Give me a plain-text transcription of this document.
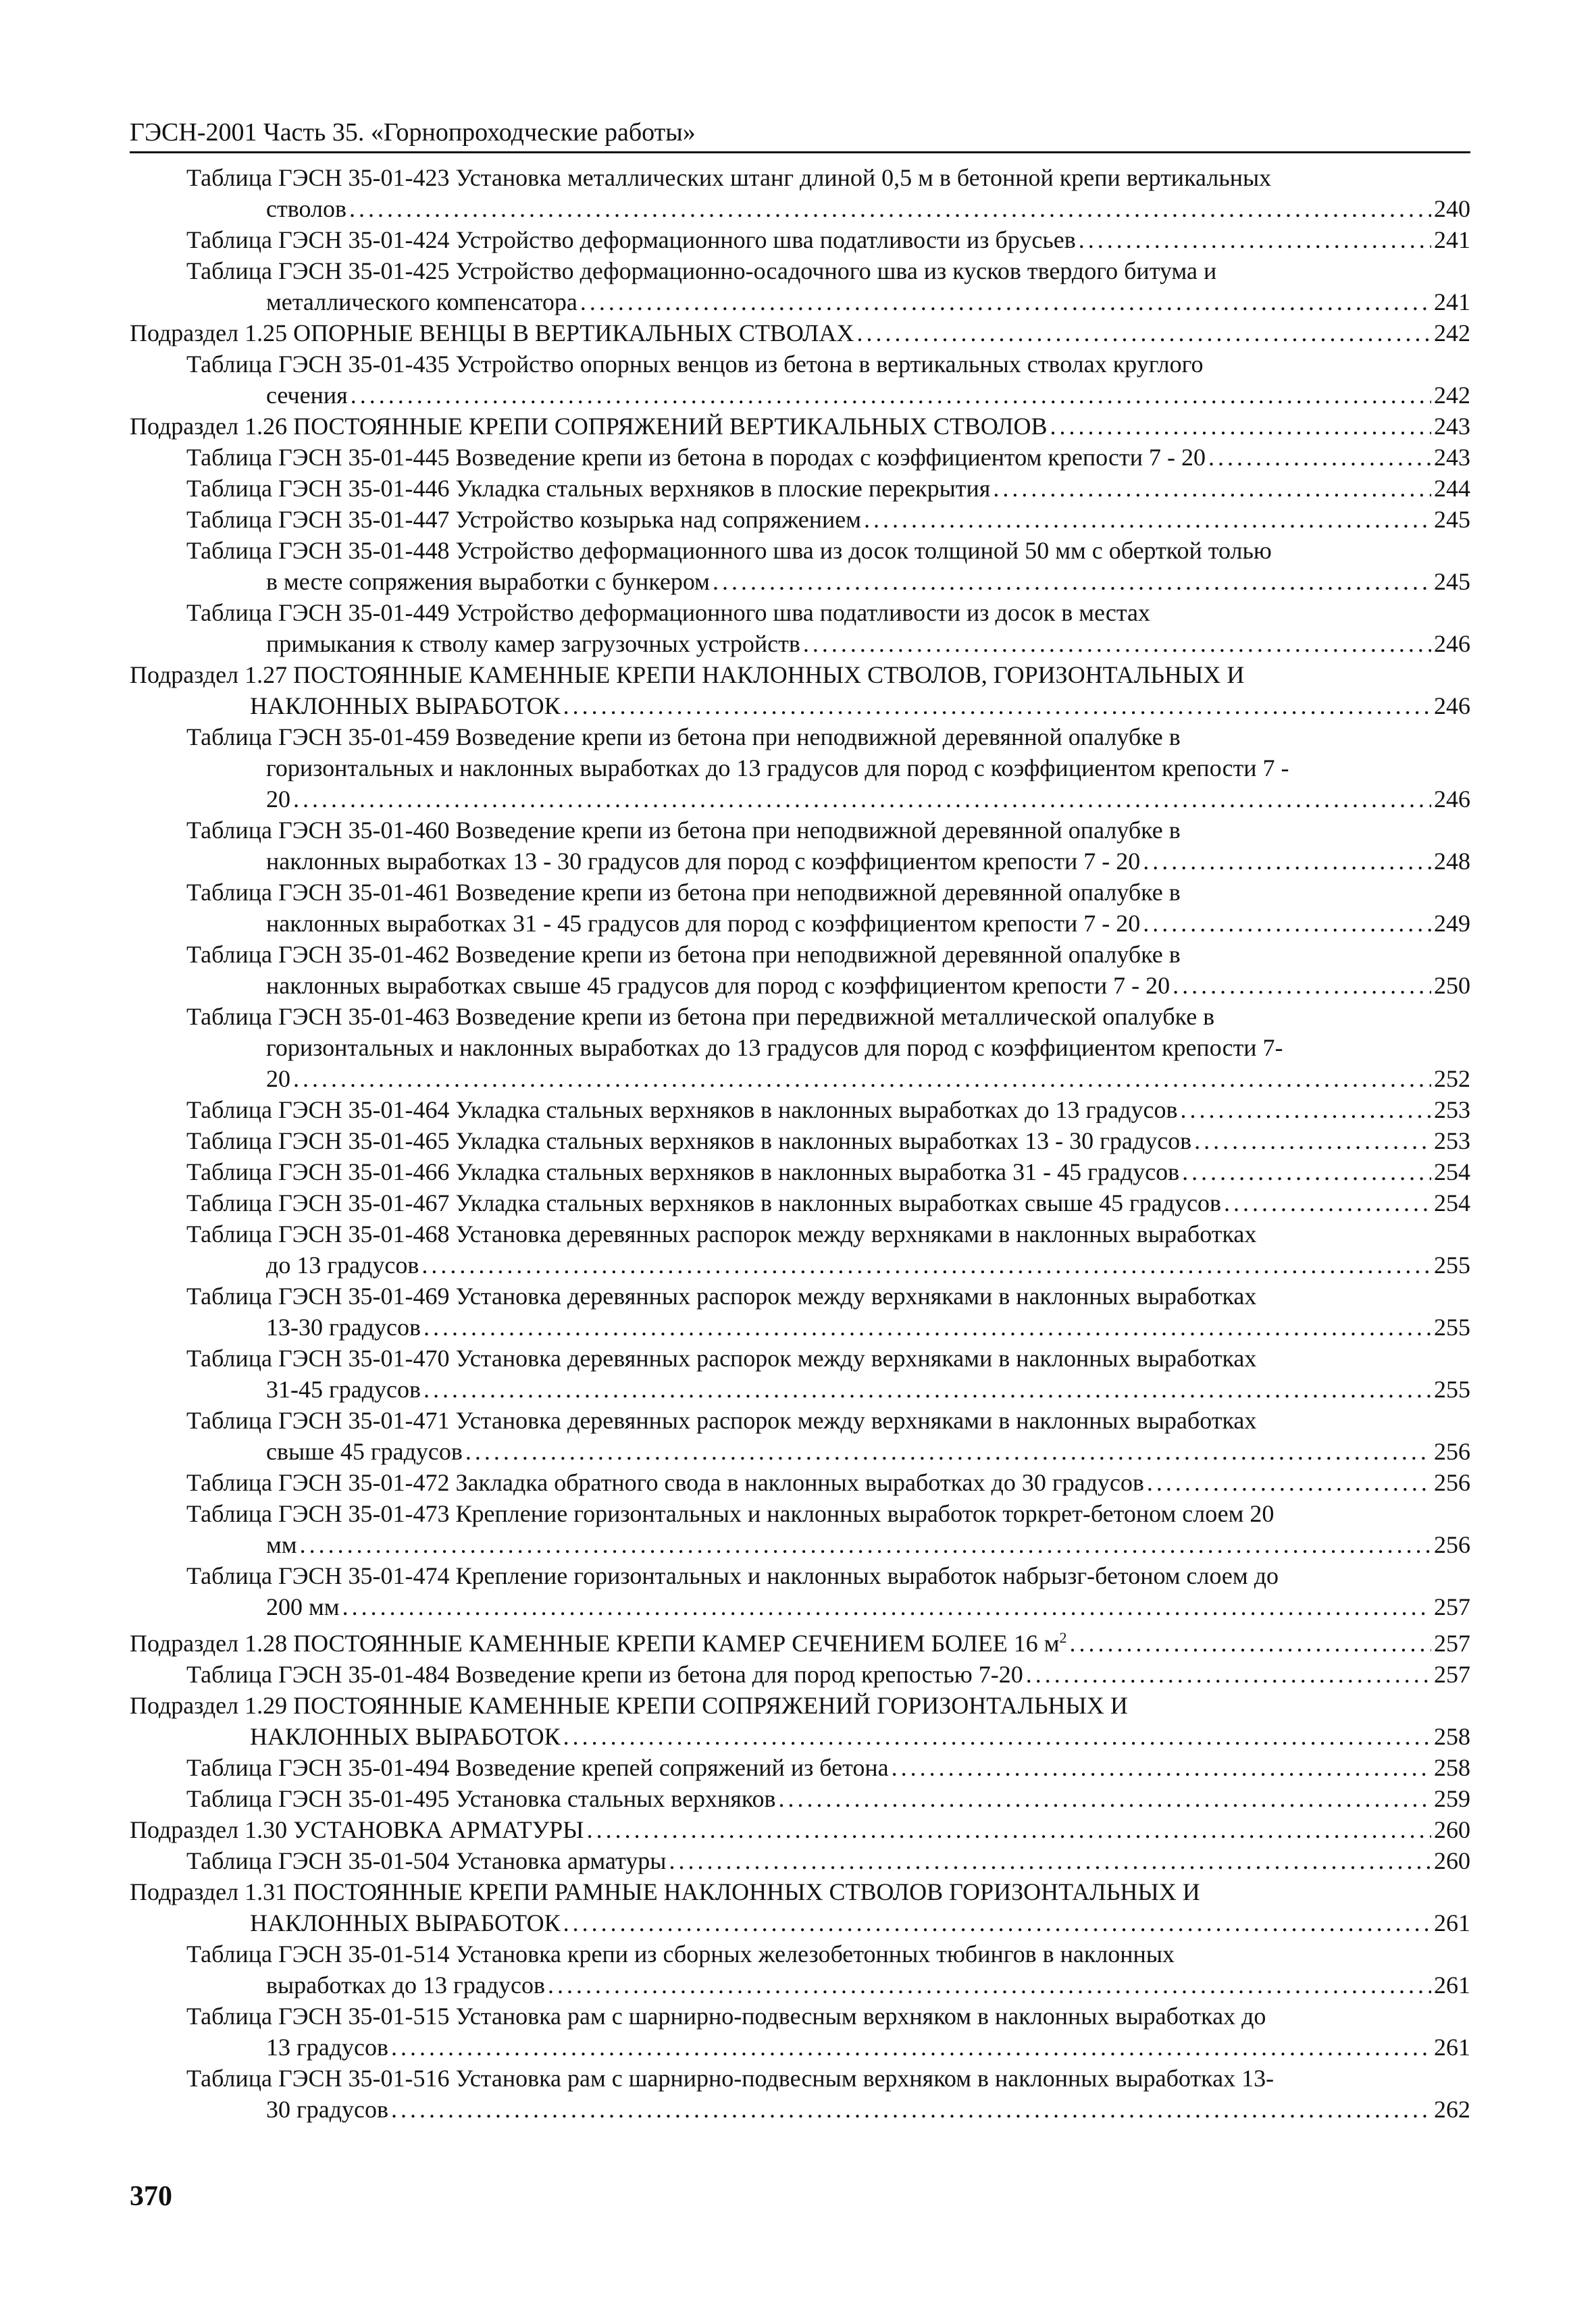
ГЭСН-2001 Часть 35. «Горнопроходческие работы»
Таблица ГЭСН 35-01-423 Установка металлических штанг длиной 0,5 м в бетонной крепи вертикальных
стволов . . .	240
Таблица ГЭСН 35-01-424 Устройство деформационного шва податливости из брусьев . . .	241
Таблица ГЭСН 35-01-425 Устройство деформационно-осадочного шва из кусков твердого битума и
металлического компенсатора . . .	241
Подраздел 1.25 ОПОРНЫЕ ВЕНЦЫ В ВЕРТИКАЛЬНЫХ СТВОЛАХ . . .	242
Таблица ГЭСН 35-01-435 Устройство опорных венцов из бетона в вертикальных стволах круглого
сечения . . .	242
Подраздел 1.26 ПОСТОЯННЫЕ КРЕПИ СОПРЯЖЕНИЙ ВЕРТИКАЛЬНЫХ СТВОЛОВ . . .	243
Таблица ГЭСН 35-01-445 Возведение крепи из бетона в породах с коэффициентом крепости 7 - 20 . . .	243
Таблица ГЭСН 35-01-446 Укладка стальных верхняков в плоские перекрытия . . .	244
Таблица ГЭСН 35-01-447 Устройство козырька над сопряжением . . .	245
Таблица ГЭСН 35-01-448 Устройство деформационного шва из досок толщиной 50 мм с оберткой толью
в месте сопряжения выработки с бункером . . .	245
Таблица ГЭСН 35-01-449 Устройство деформационного шва податливости из досок в местах
примыкания к стволу камер загрузочных устройств . . .	246
Подраздел 1.27 ПОСТОЯННЫЕ КАМЕННЫЕ КРЕПИ НАКЛОННЫХ СТВОЛОВ, ГОРИЗОНТАЛЬНЫХ И
НАКЛОННЫХ ВЫРАБОТОК . . .	246
Таблица ГЭСН 35-01-459 Возведение крепи из бетона при неподвижной деревянной опалубке в
горизонтальных и наклонных выработках до 13 градусов для пород с коэффициентом крепости 7 -
20 . . .	246
Таблица ГЭСН 35-01-460 Возведение крепи из бетона при неподвижной деревянной опалубке в
наклонных выработках 13 - 30 градусов для пород с коэффициентом крепости 7 - 20 . . .	248
Таблица ГЭСН 35-01-461 Возведение крепи из бетона при неподвижной деревянной опалубке в
наклонных выработках 31 - 45 градусов для пород с коэффициентом крепости 7 - 20 . . .	249
Таблица ГЭСН 35-01-462 Возведение крепи из бетона при неподвижной деревянной опалубке в
наклонных выработках свыше 45 градусов для пород с коэффициентом крепости 7 - 20 . . .	250
Таблица ГЭСН 35-01-463 Возведение крепи из бетона при передвижной металлической опалубке в
горизонтальных и наклонных выработках до 13 градусов для пород с коэффициентом крепости 7-
20 . . .	252
Таблица ГЭСН 35-01-464 Укладка стальных верхняков в наклонных выработках до 13 градусов . . .	253
Таблица ГЭСН 35-01-465 Укладка стальных верхняков в наклонных выработках 13 - 30 градусов . . .	253
Таблица ГЭСН 35-01-466 Укладка стальных верхняков в наклонных выработка 31 - 45 градусов . . .	254
Таблица ГЭСН 35-01-467 Укладка стальных верхняков в наклонных выработках свыше 45 градусов . . .	254
Таблица ГЭСН 35-01-468 Установка деревянных распорок между верхняками в наклонных выработках
до 13 градусов . . .	255
Таблица ГЭСН 35-01-469 Установка деревянных распорок между верхняками в наклонных выработках
13-30 градусов . . .	255
Таблица ГЭСН 35-01-470 Установка деревянных распорок между верхняками в наклонных выработках
31-45 градусов . . .	255
Таблица ГЭСН 35-01-471 Установка деревянных распорок между верхняками в наклонных выработках
свыше 45 градусов . . .	256
Таблица ГЭСН 35-01-472 Закладка обратного свода в наклонных выработках до 30 градусов . . .	256
Таблица ГЭСН 35-01-473 Крепление горизонтальных и наклонных выработок торкрет-бетоном слоем 20
мм . . .	256
Таблица ГЭСН 35-01-474 Крепление горизонтальных и наклонных выработок набрызг-бетоном слоем до
200 мм . . .	257
Подраздел 1.28 ПОСТОЯННЫЕ КАМЕННЫЕ КРЕПИ КАМЕР СЕЧЕНИЕМ БОЛЕЕ 16 $м^2$ . . .	257
Таблица ГЭСН 35-01-484 Возведение крепи из бетона для пород крепостью 7-20 . . .	257
Подраздел 1.29 ПОСТОЯННЫЕ КАМЕННЫЕ КРЕПИ СОПРЯЖЕНИЙ ГОРИЗОНТАЛЬНЫХ И
НАКЛОННЫХ ВЫРАБОТОК . . .	258
Таблица ГЭСН 35-01-494 Возведение крепей сопряжений из бетона . . .	258
Таблица ГЭСН 35-01-495 Установка стальных верхняков . . .	259
Подраздел 1.30 УСТАНОВКА АРМАТУРЫ . . .	260
Таблица ГЭСН 35-01-504 Установка арматуры . . .	260
Подраздел 1.31 ПОСТОЯННЫЕ КРЕПИ РАМНЫЕ НАКЛОННЫХ СТВОЛОВ ГОРИЗОНТАЛЬНЫХ И
НАКЛОННЫХ ВЫРАБОТОК . . .	261
Таблица ГЭСН 35-01-514 Установка крепи из сборных железобетонных тюбингов в наклонных
выработках до 13 градусов . . .	261
Таблица ГЭСН 35-01-515 Установка рам с шарнирно-подвесным верхняком в наклонных выработках до
13 градусов . . .	261
Таблица ГЭСН 35-01-516 Установка рам с шарнирно-подвесным верхняком в наклонных выработках 13-
30 градусов . . .	262
370
